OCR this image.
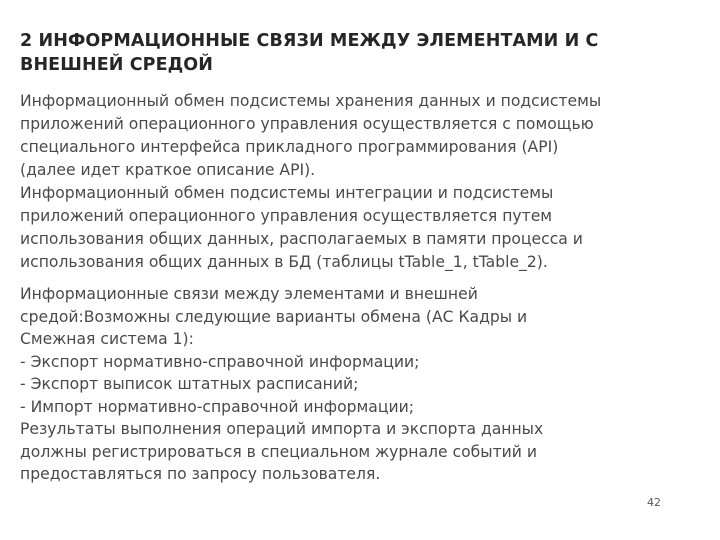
2 ИНФОРМАЦИОННЫЕ СВЯЗИ МЕЖДУ ЭЛЕМЕНТАМИ И С
ВНЕШНЕЙ СРЕДОЙ

Информационный обмен подсистемы хранения данных и подсистемы
приложений операционного управления осуществляется с помощью
специального интерфейса прикладного программирования (API)
(далее идет краткое описание API).
Информационный обмен подсистемы интеграции и подсистемы
приложений операционного управления осуществляется путем
использования общих данных, располагаемых в памяти процесса и
использования общих данных в БД (таблицы tTable_1, tTable_2).

Информационные связи между элементами и внешней
средой:Возможны следующие варианты обмена (АС Кадры и
Смежная система 1):
- Экспорт нормативно-справочной информации;
- Экспорт выписок штатных расписаний;
- Импорт нормативно-справочной информации;
Результаты выполнения операций импорта и экспорта данных
должны регистрироваться в специальном журнале событий и
предоставляться по запросу пользователя.

42
